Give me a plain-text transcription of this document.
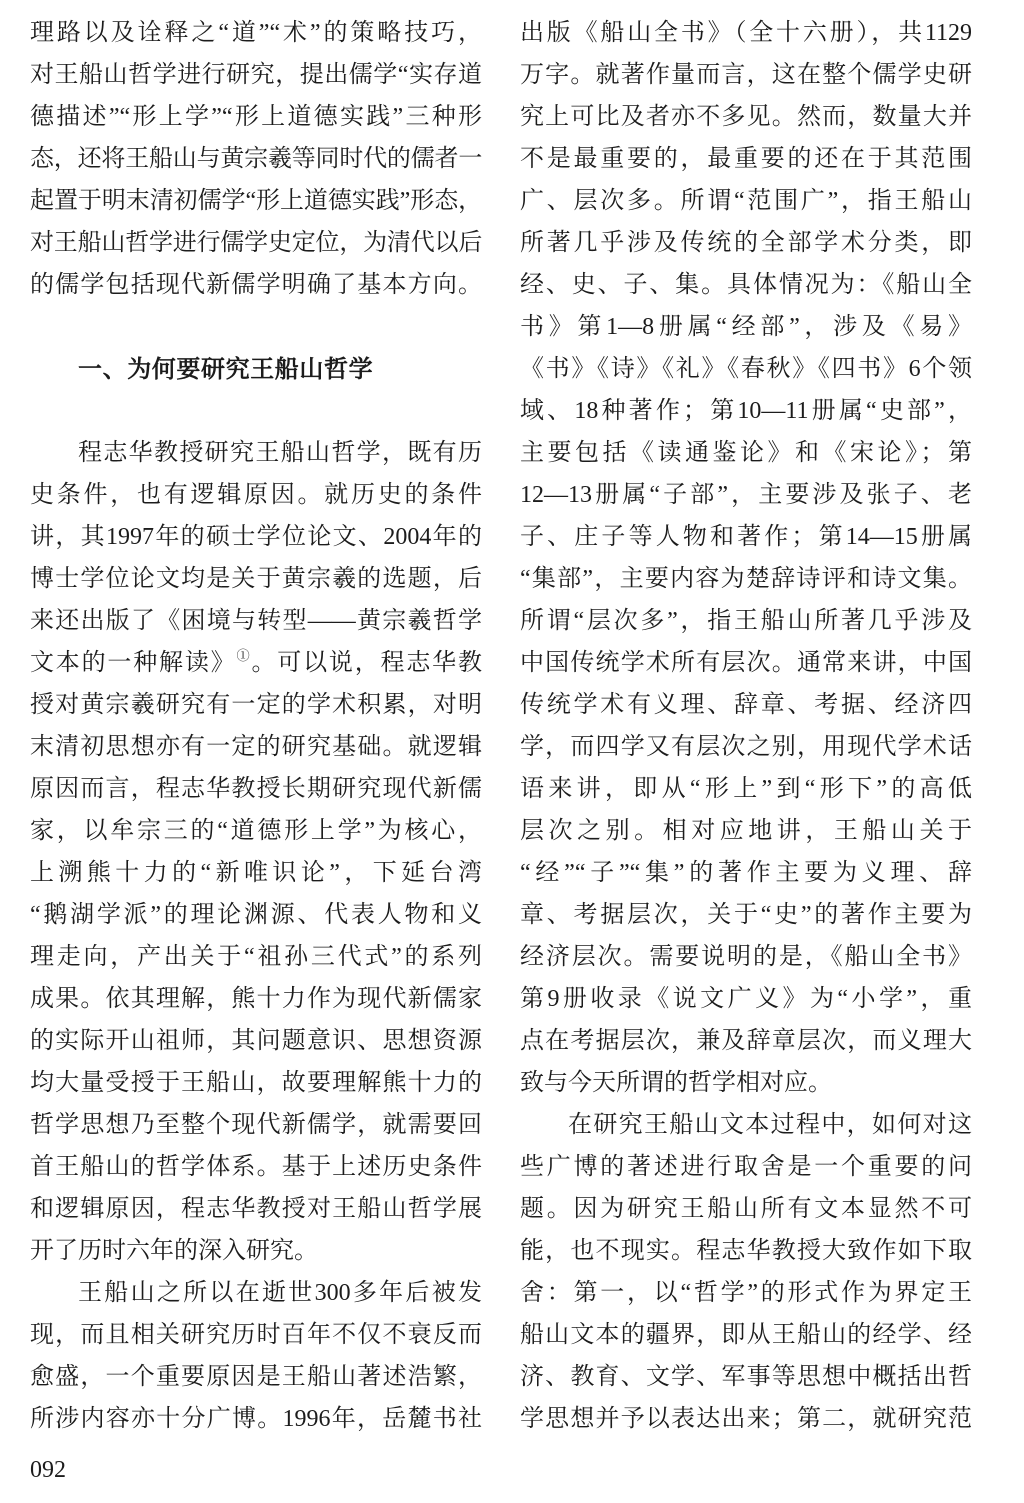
理路以及诠释之“道”“术”的策略技巧，
对王船山哲学进行研究，提出儒学“实存道
德描述”“形上学”“形上道德实践”三种形
态，还将王船山与黄宗羲等同时代的儒者一
起置于明末清初儒学“形上道德实践”形态，
对王船山哲学进行儒学史定位，为清代以后
的儒学包括现代新儒学明确了基本方向。
一、为何要研究王船山哲学
程志华教授研究王船山哲学，既有历
史条件，也有逻辑原因。就历史的条件
讲，其1997年的硕士学位论文、2004年的
博士学位论文均是关于黄宗羲的选题，后
来还出版了《困境与转型——黄宗羲哲学
文本的一种解读》①。可以说，程志华教
授对黄宗羲研究有一定的学术积累，对明
末清初思想亦有一定的研究基础。就逻辑
原因而言，程志华教授长期研究现代新儒
家，以牟宗三的“道德形上学”为核心，
上溯熊十力的“新唯识论”，下延台湾
“鹅湖学派”的理论渊源、代表人物和义
理走向，产出关于“祖孙三代式”的系列
成果。依其理解，熊十力作为现代新儒家
的实际开山祖师，其问题意识、思想资源
均大量受授于王船山，故要理解熊十力的
哲学思想乃至整个现代新儒学，就需要回
首王船山的哲学体系。基于上述历史条件
和逻辑原因，程志华教授对王船山哲学展
开了历时六年的深入研究。
王船山之所以在逝世300多年后被发
现，而且相关研究历时百年不仅不衰反而
愈盛，一个重要原因是王船山著述浩繁，
所涉内容亦十分广博。1996年，岳麓书社
出版《船山全书》（全十六册），共1129
万字。就著作量而言，这在整个儒学史研
究上可比及者亦不多见。然而，数量大并
不是最重要的，最重要的还在于其范围
广、层次多。所谓“范围广”，指王船山
所著几乎涉及传统的全部学术分类，即
经、史、子、集。具体情况为：《船山全
书》第1—8册属“经部”，涉及《易》
《书》《诗》《礼》《春秋》《四书》6个领
域、18种著作；第10—11册属“史部”，
主要包括《读通鉴论》和《宋论》；第
12—13册属“子部”，主要涉及张子、老
子、庄子等人物和著作；第14—15册属
“集部”，主要内容为楚辞诗评和诗文集。
所谓“层次多”，指王船山所著几乎涉及
中国传统学术所有层次。通常来讲，中国
传统学术有义理、辞章、考据、经济四
学，而四学又有层次之别，用现代学术话
语来讲，即从“形上”到“形下”的高低
层次之别。相对应地讲，王船山关于
“经”“子”“集”的著作主要为义理、辞
章、考据层次，关于“史”的著作主要为
经济层次。需要说明的是，《船山全书》
第9册收录《说文广义》为“小学”，重
点在考据层次，兼及辞章层次，而义理大
致与今天所谓的哲学相对应。
在研究王船山文本过程中，如何对这
些广博的著述进行取舍是一个重要的问
题。因为研究王船山所有文本显然不可
能，也不现实。程志华教授大致作如下取
舍：第一，以“哲学”的形式作为界定王
船山文本的疆界，即从王船山的经学、经
济、教育、文学、军事等思想中概括出哲
学思想并予以表达出来；第二，就研究范
092
